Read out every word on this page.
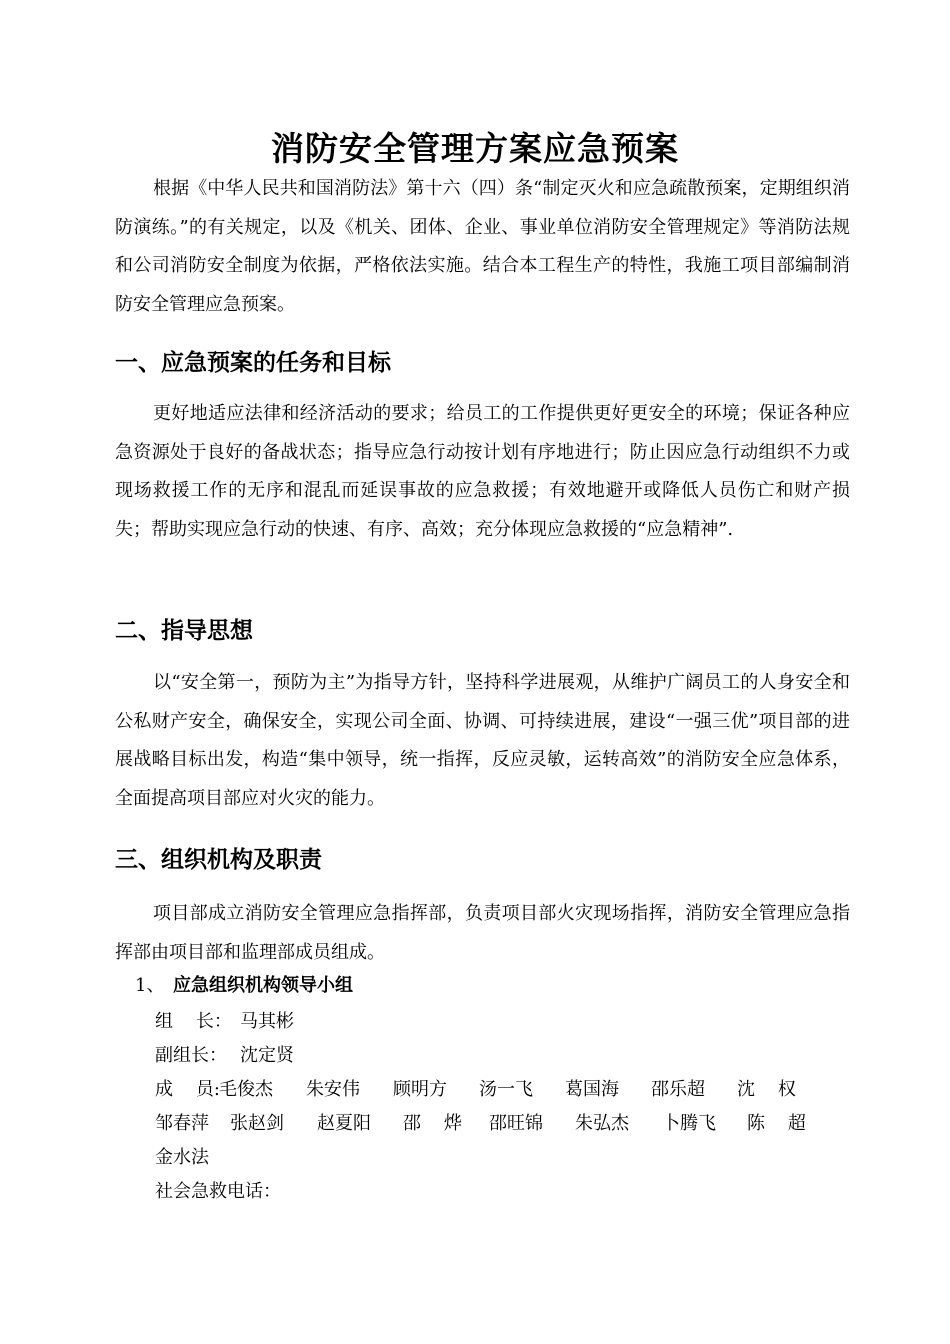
消防安全管理方案应急预案

根据《中华人民共和国消防法》第十六（四）条“制定灭火和应急疏散预案，定期组织消防演练。”的有关规定，以及《机关、团体、企业、事业单位消防安全管理规定》等消防法规和公司消防安全制度为依据，严格依法实施。结合本工程生产的特性，我施工项目部编制消防安全管理应急预案。

一、应急预案的任务和目标

更好地适应法律和经济活动的要求；给员工的工作提供更好更安全的环境；保证各种应急资源处于良好的备战状态；指导应急行动按计划有序地进行；防止因应急行动组织不力或现场救援工作的无序和混乱而延误事故的应急救援；有效地避开或降低人员伤亡和财产损失；帮助实现应急行动的快速、有序、高效；充分体现应急救援的“应急精神”.

二、指导思想

以“安全第一，预防为主”为指导方针，坚持科学进展观，从维护广阔员工的人身安全和公私财产安全，确保安全，实现公司全面、协调、可持续进展，建设“一强三优”项目部的进展战略目标出发，构造“集中领导，统一指挥，反应灵敏，运转高效”的消防安全应急体系，全面提高项目部应对火灾的能力。

三、组织机构及职责

项目部成立消防安全管理应急指挥部，负责项目部火灾现场指挥，消防安全管理应急指挥部由项目部和监理部成员组成。

1、 应急组织机构领导小组
组    长： 马其彬
副组长： 沈定贤
成    员: 毛俊杰 朱安伟 顾明方 汤一飞 葛国海 邵乐超 沈    权
邹春萍 张赵剑 赵夏阳 邵    烨 邵旺锦 朱弘杰 卜腾飞 陈    超
金水法
社会急救电话：
